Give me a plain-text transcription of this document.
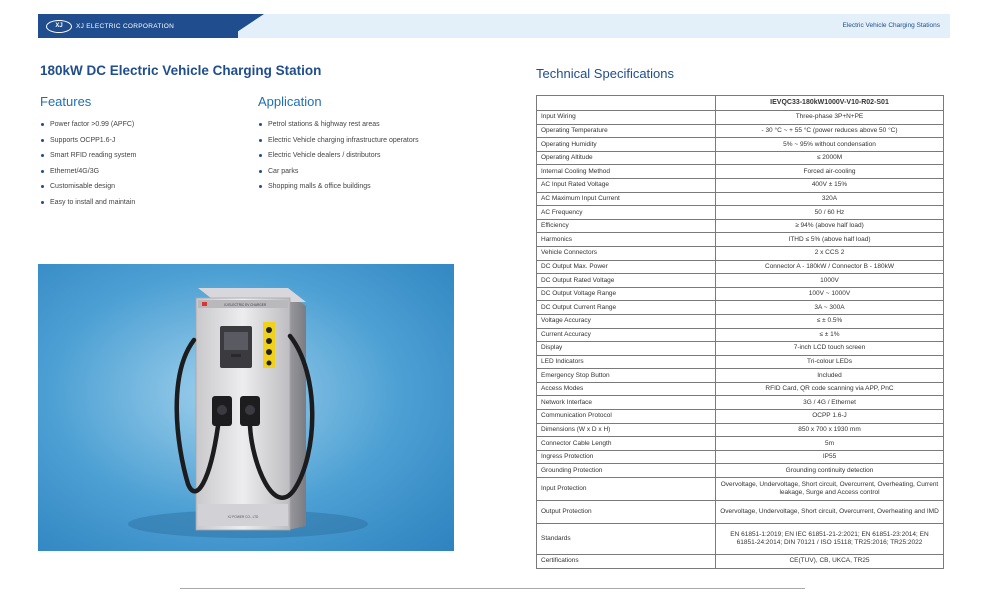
XJ	XJ ELECTRIC CORPORATION	Electric Vehicle Charging Stations
180kW DC Electric Vehicle Charging Station
Features
Power factor >0.99 (APFC)
Supports OCPP1.6-J
Smart RFID reading system
Ethernet/4G/3G
Customisable design
Easy to install and maintain
Application
Petrol stations & highway rest areas
Electric Vehicle charging infrastructure operators
Electric Vehicle dealers / distributors
Car parks
Shopping malls & office buildings
XJ ELECTRIC EV CHARGER
XJ POWER CO., LTD
Technical Specifications
	IEVQC33-180kW1000V-V10-R02-S01
Input Wiring	Three-phase 3P+N+PE
Operating Temperature	- 30 °C ~ + 55 °C (power reduces above 50 °C)
Operating Humidity	5% ~ 95% without condensation
Operating Altitude	≤ 2000M
Internal Cooling Method	Forced air-cooling
AC Input Rated Voltage	400V ± 15%
AC Maximum Input Current	320A
AC Frequency	50 / 60 Hz
Efficiency	≥ 94% (above half load)
Harmonics	ITHD ≤ 5% (above half load)
Vehicle Connectors	2 x CCS 2
DC Output Max. Power	Connector A - 180kW / Connector B - 180kW
DC Output Rated Voltage	1000V
DC Output Voltage Range	100V ~ 1000V
DC Output Current Range	3A ~ 300A
Voltage Accuracy	≤ ± 0.5%
Current Accuracy	≤ ± 1%
Display	7-inch LCD touch screen
LED Indicators	Tri-colour LEDs
Emergency Stop Button	Included
Access Modes	RFID Card, QR code scanning via APP, PnC
Network Interface	3G / 4G / Ethernet
Communication Protocol	OCPP 1.6-J
Dimensions (W x D x H)	850 x 700 x 1930 mm
Connector Cable Length	5m
Ingress Protection	IP55
Grounding Protection	Grounding continuity detection
Input Protection	Overvoltage, Undervoltage, Short circuit, Overcurrent, Overheating, Current leakage, Surge and Access control
Output Protection	Overvoltage, Undervoltage, Short circuit, Overcurrent, Overheating and IMD
Standards	EN 61851-1:2019; EN IEC 61851-21-2:2021; EN 61851-23:2014; EN 61851-24:2014; DIN 70121 / ISO 15118; TR25:2016; TR25:2022
Certifications	CE(TUV), CB, UKCA, TR25
